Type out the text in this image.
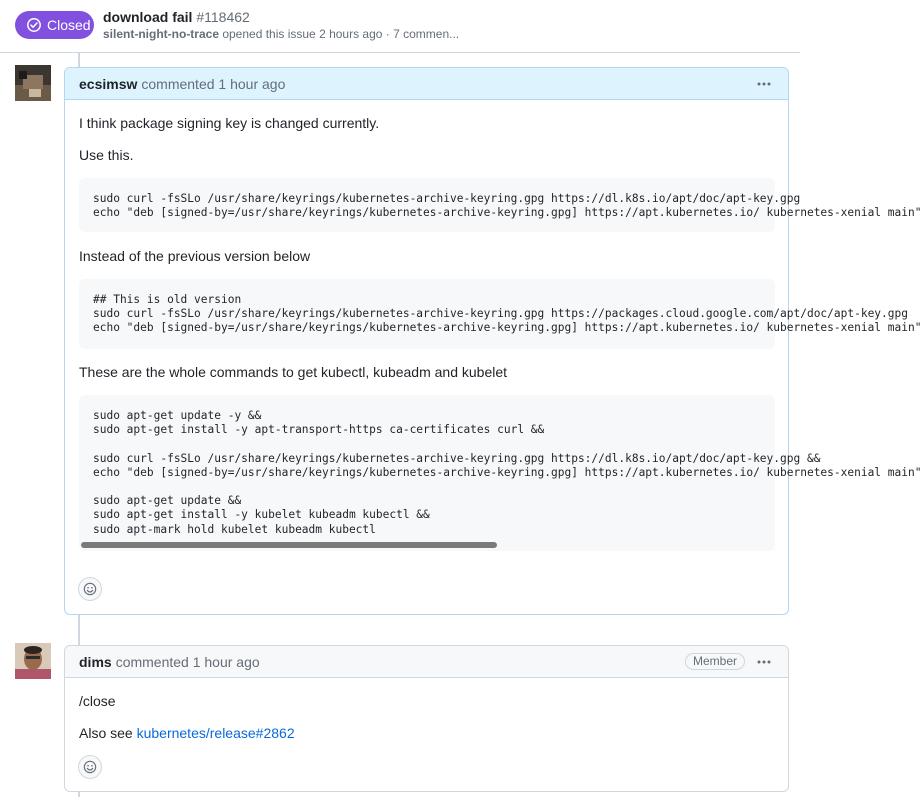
Closed download fail #118462
silent-night-no-trace opened this issue 2 hours ago · 7 commen...
ecsimsw commented 1 hour ago
I think package signing key is changed currently.
Use this.
sudo curl -fsSLo /usr/share/keyrings/kubernetes-archive-keyring.gpg https://dl.k8s.io/apt/doc/apt-key.gpg
echo "deb [signed-by=/usr/share/keyrings/kubernetes-archive-keyring.gpg] https://apt.kubernetes.io/ kubernetes-xenial main"
Instead of the previous version below
## This is old version
sudo curl -fsSLo /usr/share/keyrings/kubernetes-archive-keyring.gpg https://packages.cloud.google.com/apt/doc/apt-key.gpg
echo "deb [signed-by=/usr/share/keyrings/kubernetes-archive-keyring.gpg] https://apt.kubernetes.io/ kubernetes-xenial main"
These are the whole commands to get kubectl, kubeadm and kubelet
sudo apt-get update -y &&
sudo apt-get install -y apt-transport-https ca-certificates curl &&
sudo curl -fsSLo /usr/share/keyrings/kubernetes-archive-keyring.gpg https://dl.k8s.io/apt/doc/apt-key.gpg &&
echo "deb [signed-by=/usr/share/keyrings/kubernetes-archive-keyring.gpg] https://apt.kubernetes.io/ kubernetes-xenial main"
sudo apt-get update &&
sudo apt-get install -y kubelet kubeadm kubectl &&
sudo apt-mark hold kubelet kubeadm kubectl
dims commented 1 hour ago	Member
/close
Also see kubernetes/release#2862
